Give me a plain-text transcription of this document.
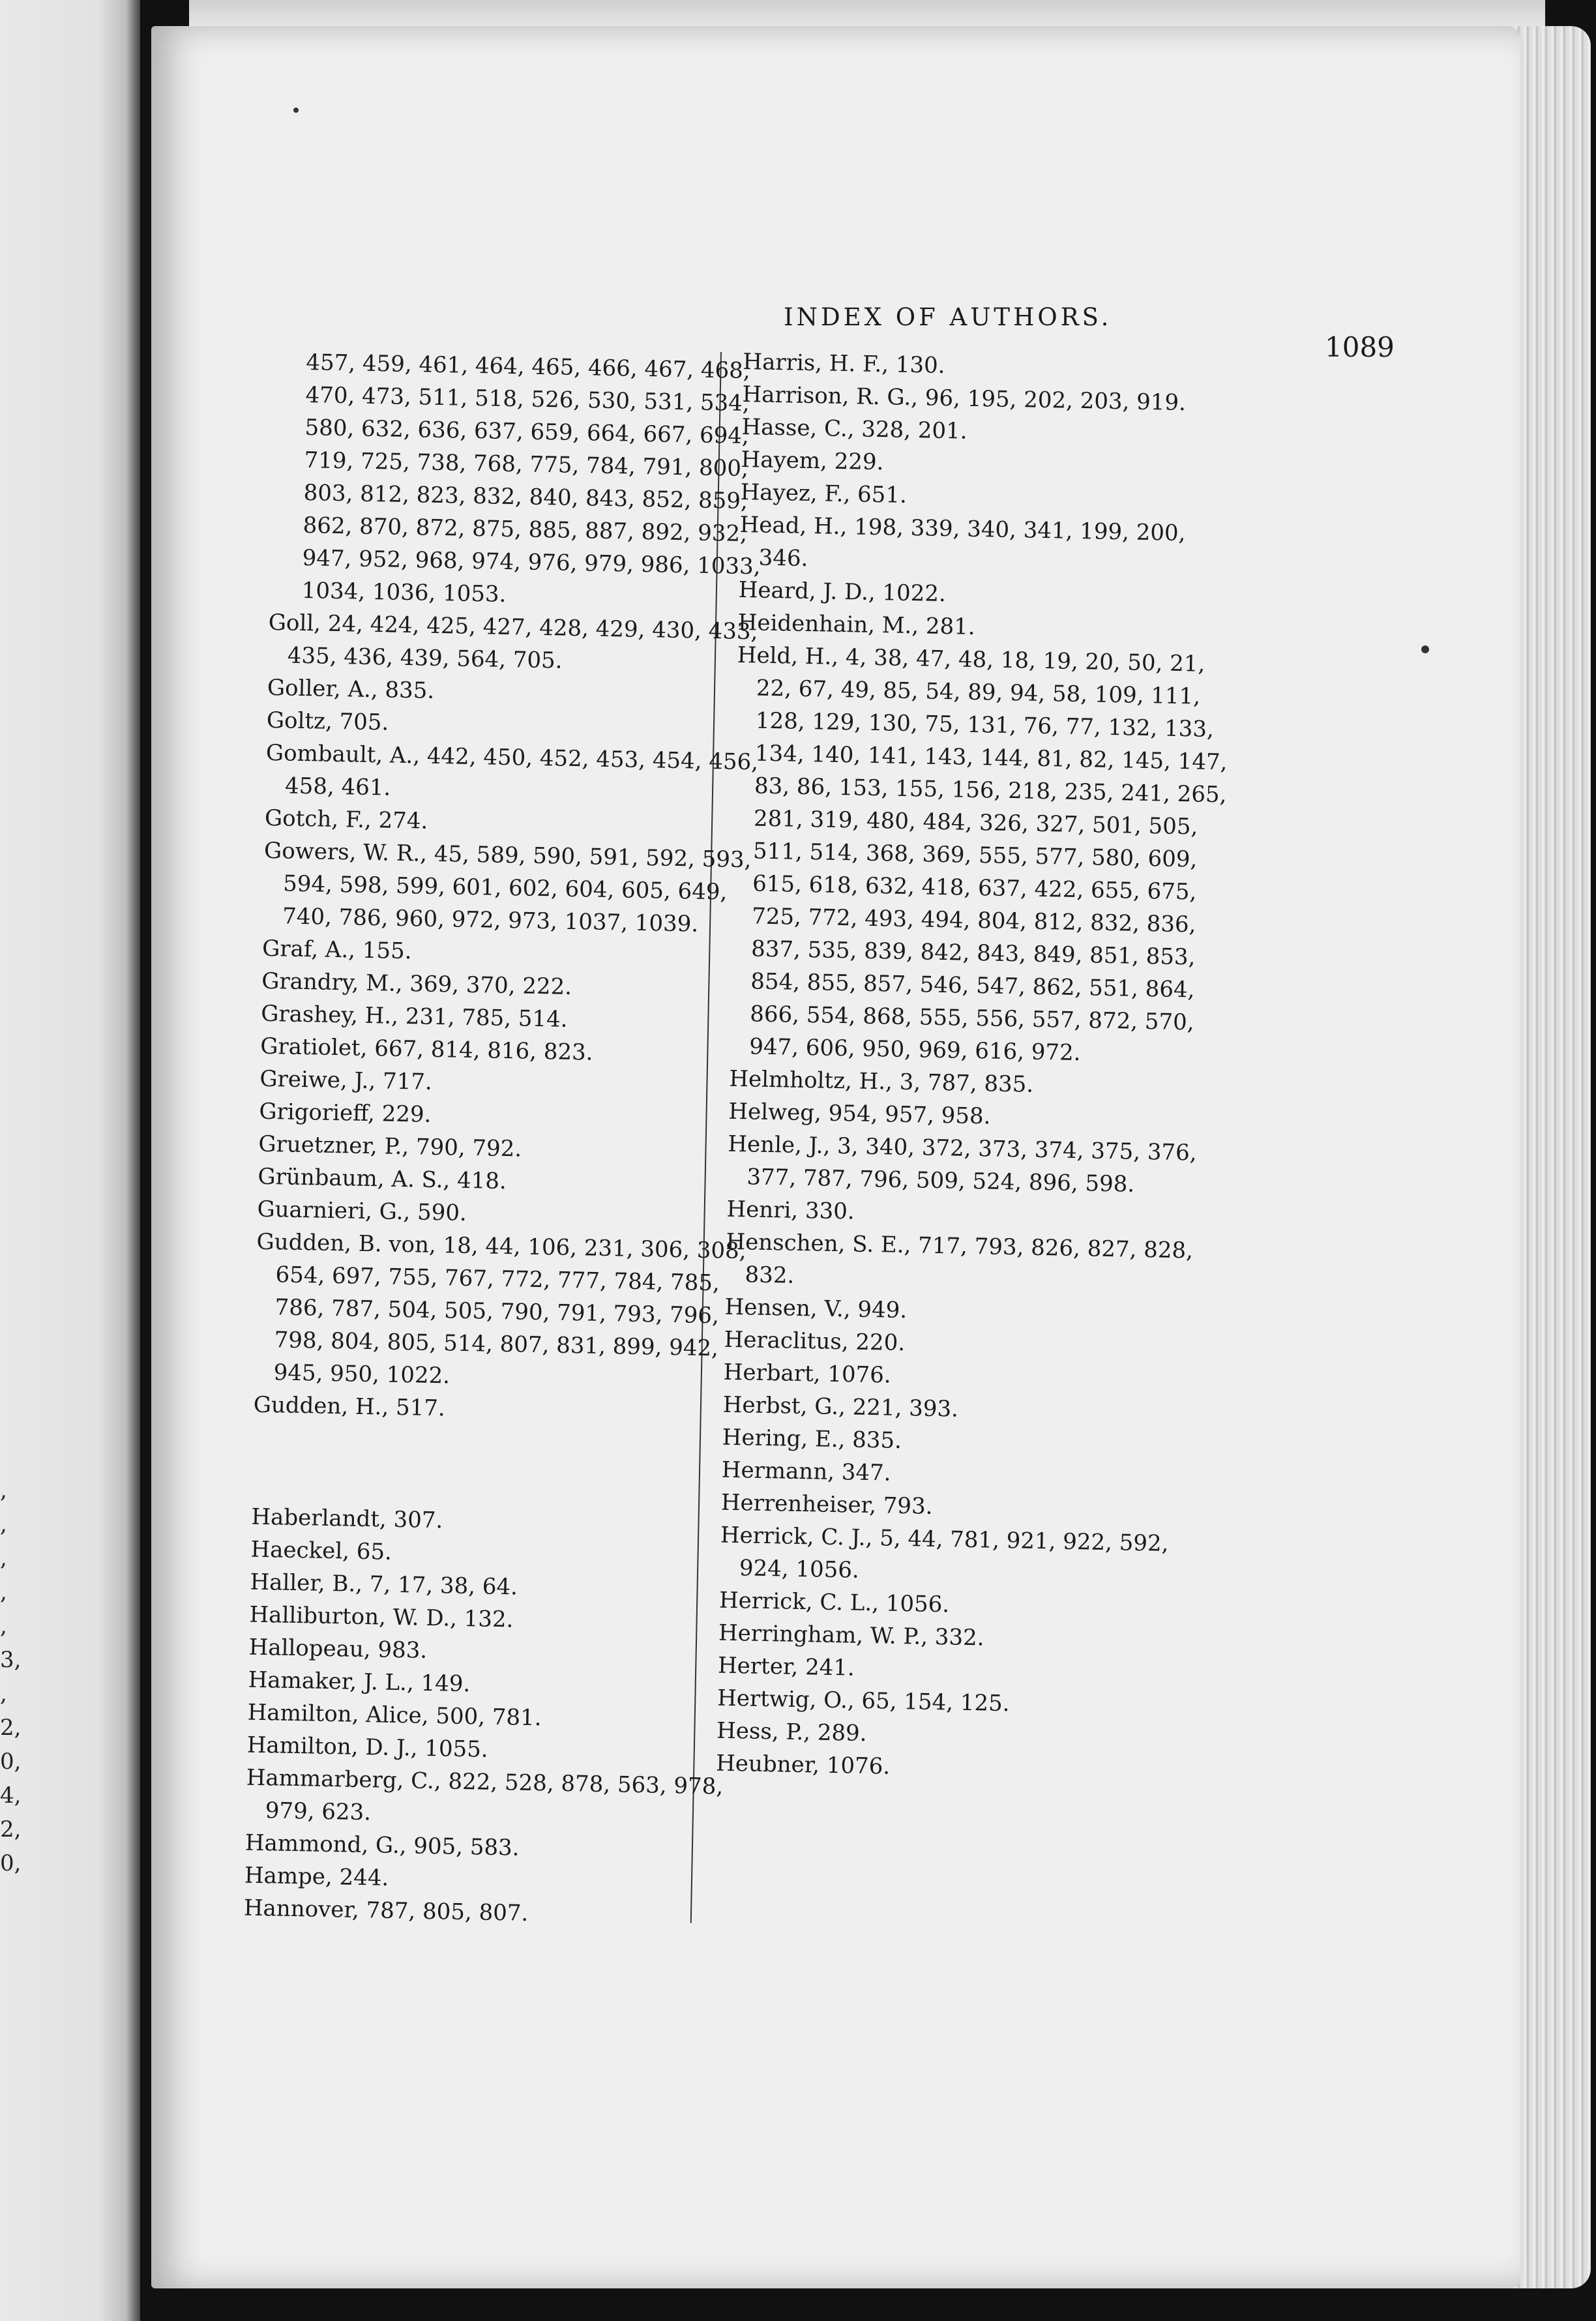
,
,
,
,
,
3,
,
2,
0,
4,
2,
0,
INDEX OF AUTHORS.
1089

457, 459, 461, 464, 465, 466, 467, 468, 470, 473, 511, 518, 526, 530, 531, 534, 580, 632, 636, 637, 659, 664, 667, 694, 719, 725, 738, 768, 775, 784, 791, 800, 803, 812, 823, 832, 840, 843, 852, 859, 862, 870, 872, 875, 885, 887, 892, 932, 947, 952, 968, 974, 976, 979, 986, 1033, 1034, 1036, 1053.

Goll, 24, 424, 425, 427, 428, 429, 430, 433, 435, 436, 439, 564, 705.

Goller, A., 835.

Goltz, 705.

Gombault, A., 442, 450, 452, 453, 454, 456, 458, 461.

Gotch, F., 274.

Gowers, W. R., 45, 589, 590, 591, 592, 593, 594, 598, 599, 601, 602, 604, 605, 649, 740, 786, 960, 972, 973, 1037, 1039.

Graf, A., 155.

Grandry, M., 369, 370, 222.

Grashey, H., 231, 785, 514.

Gratiolet, 667, 814, 816, 823.

Greiwe, J., 717.

Grigorieff, 229.

Gruetzner, P., 790, 792.

Grünbaum, A. S., 418.

Guarnieri, G., 590.

Gudden, B. von, 18, 44, 106, 231, 306, 308, 654, 697, 755, 767, 772, 777, 784, 785, 786, 787, 504, 505, 790, 791, 793, 796, 798, 804, 805, 514, 807, 831, 899, 942, 945, 950, 1022.

Gudden, H., 517.

Haberlandt, 307.

Haeckel, 65.

Haller, B., 7, 17, 38, 64.

Halliburton, W. D., 132.

Hallopeau, 983.

Hamaker, J. L., 149.

Hamilton, Alice, 500, 781.

Hamilton, D. J., 1055.

Hammarberg, C., 822, 528, 878, 563, 978, 979, 623.

Hammond, G., 905, 583.

Hampe, 244.

Hannover, 787, 805, 807.

Harris, H. F., 130.

Harrison, R. G., 96, 195, 202, 203, 919.

Hasse, C., 328, 201.

Hayem, 229.

Hayez, F., 651.

Head, H., 198, 339, 340, 341, 199, 200, 346.

Heard, J. D., 1022.

Heidenhain, M., 281.

Held, H., 4, 38, 47, 48, 18, 19, 20, 50, 21, 22, 67, 49, 85, 54, 89, 94, 58, 109, 111, 128, 129, 130, 75, 131, 76, 77, 132, 133, 134, 140, 141, 143, 144, 81, 82, 145, 147, 83, 86, 153, 155, 156, 218, 235, 241, 265, 281, 319, 480, 484, 326, 327, 501, 505, 511, 514, 368, 369, 555, 577, 580, 609, 615, 618, 632, 418, 637, 422, 655, 675, 725, 772, 493, 494, 804, 812, 832, 836, 837, 535, 839, 842, 843, 849, 851, 853, 854, 855, 857, 546, 547, 862, 551, 864, 866, 554, 868, 555, 556, 557, 872, 570, 947, 606, 950, 969, 616, 972.

Helmholtz, H., 3, 787, 835.

Helweg, 954, 957, 958.

Henle, J., 3, 340, 372, 373, 374, 375, 376, 377, 787, 796, 509, 524, 896, 598.

Henri, 330.

Henschen, S. E., 717, 793, 826, 827, 828, 832.

Hensen, V., 949.

Heraclitus, 220.

Herbart, 1076.

Herbst, G., 221, 393.

Hering, E., 835.

Hermann, 347.

Herrenheiser, 793.

Herrick, C. J., 5, 44, 781, 921, 922, 592, 924, 1056.

Herrick, C. L., 1056.

Herringham, W. P., 332.

Herter, 241.

Hertwig, O., 65, 154, 125.

Hess, P., 289.

Heubner, 1076.
